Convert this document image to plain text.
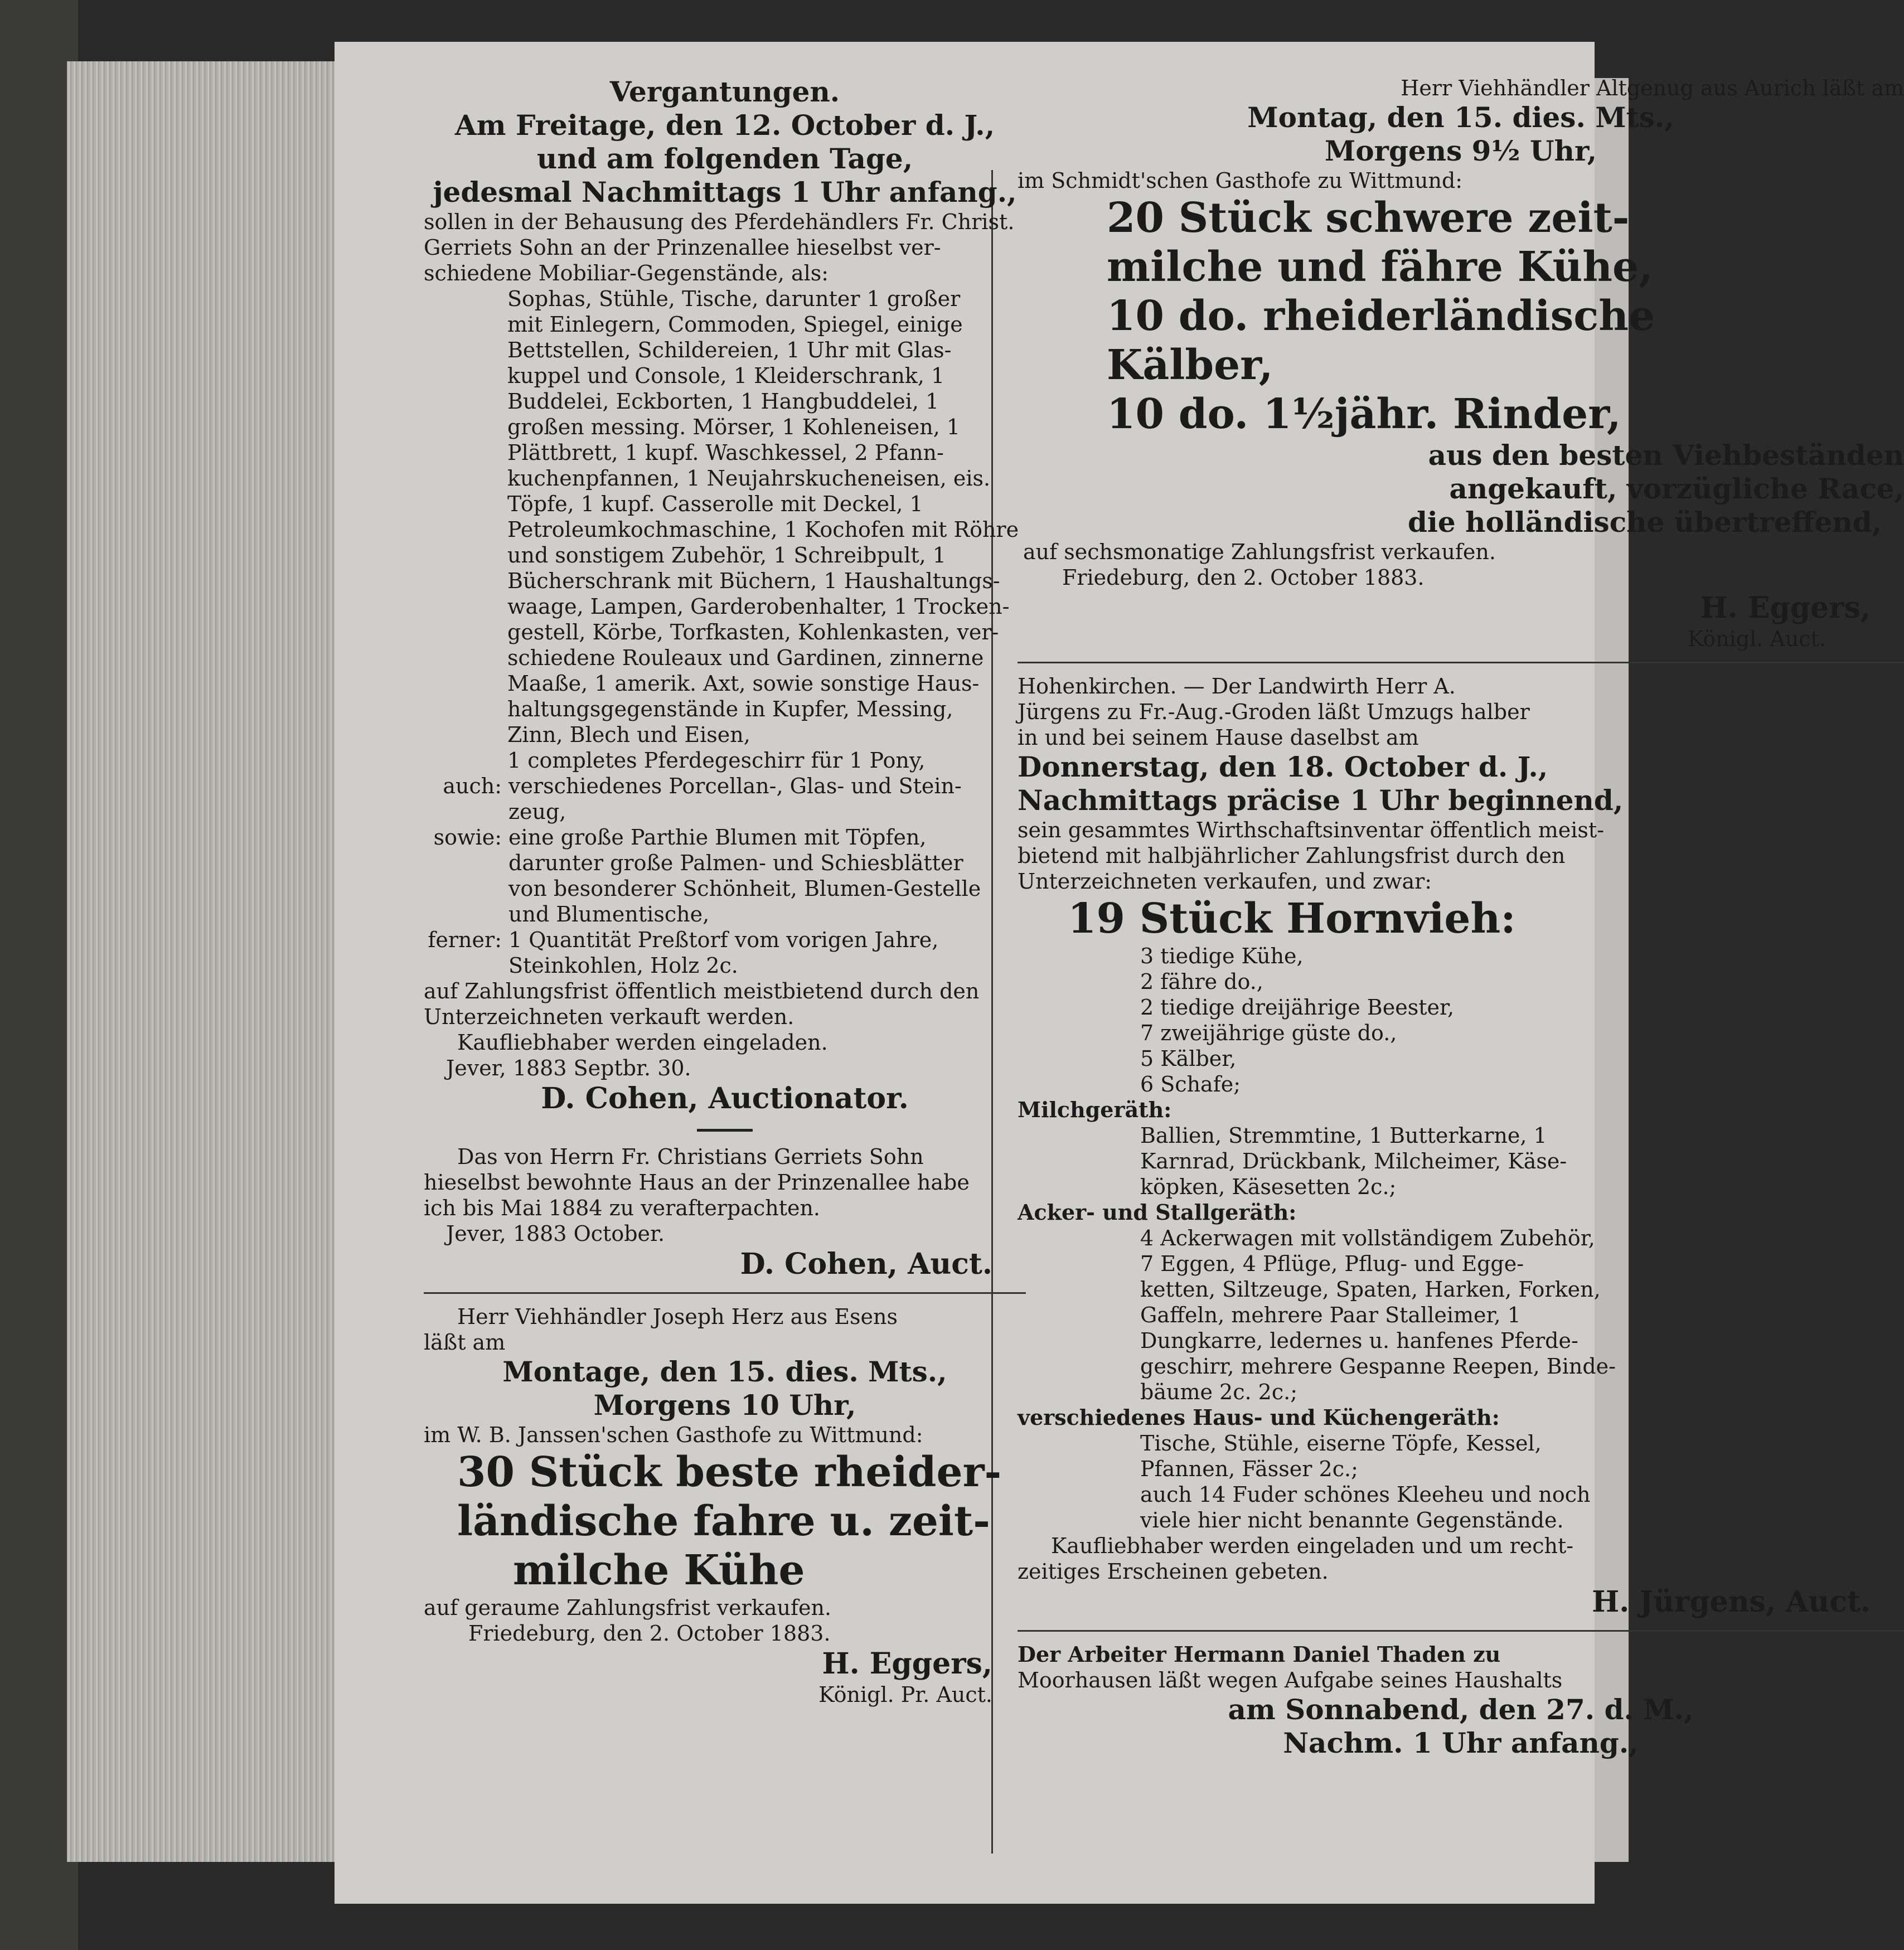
Vergantungen.

Am Freitage, den 12. October d. J.,

und am folgenden Tage,

jedesmal Nachmittags 1 Uhr anfang.,

sollen in der Behausung des Pferdehändlers Fr. Christ.

Gerriets Sohn an der Prinzenallee hieselbst ver-

schiedene Mobiliar-Gegenstände, als:

Sophas, Stühle, Tische, darunter 1 großer

mit Einlegern, Commoden, Spiegel, einige

Bettstellen, Schildereien, 1 Uhr mit Glas-

kuppel und Console, 1 Kleiderschrank, 1

Buddelei, Eckborten, 1 Hangbuddelei, 1

großen messing. Mörser, 1 Kohleneisen, 1

Plättbrett, 1 kupf. Waschkessel, 2 Pfann-

kuchenpfannen, 1 Neujahrskucheneisen, eis.

Töpfe, 1 kupf. Casserolle mit Deckel, 1

Petroleumkochmaschine, 1 Kochofen mit Röhre

und sonstigem Zubehör, 1 Schreibpult, 1

Bücherschrank mit Büchern, 1 Haushaltungs-

waage, Lampen, Garderobenhalter, 1 Trocken-

gestell, Körbe, Torfkasten, Kohlenkasten, ver-

schiedene Rouleaux und Gardinen, zinnerne

Maaße, 1 amerik. Axt, sowie sonstige Haus-

haltungsgegenstände in Kupfer, Messing,

Zinn, Blech und Eisen,

1 completes Pferdegeschirr für 1 Pony,

auch: verschiedenes Porcellan-, Glas- und Stein-

zeug,

sowie: eine große Parthie Blumen mit Töpfen,

darunter große Palmen- und Schiesblätter

von besonderer Schönheit, Blumen-Gestelle

und Blumentische,

ferner: 1 Quantität Preßtorf vom vorigen Jahre,

Steinkohlen, Holz 2c.

auf Zahlungsfrist öffentlich meistbietend durch den

Unterzeichneten verkauft werden.

Kaufliebhaber werden eingeladen.

Jever, 1883 Septbr. 30.

D. Cohen, Auctionator.

Das von Herrn Fr. Christians Gerriets Sohn

hieselbst bewohnte Haus an der Prinzenallee habe

ich bis Mai 1884 zu verafterpachten.

Jever, 1883 October.

D. Cohen, Auct.

Herr Viehhändler Joseph Herz aus Esens

läßt am

Montage, den 15. dies. Mts.,

Morgens 10 Uhr,

im W. B. Janssen'schen Gasthofe zu Wittmund:

30 Stück beste rheider-

ländische fahre u. zeit-

milche Kühe

auf geraume Zahlungsfrist verkaufen.

Friedeburg, den 2. October 1883.

H. Eggers,

Königl. Pr. Auct.

Herr Viehhändler Altgenug aus Aurich läßt am

Montag, den 15. dies. Mts.,

Morgens 9½ Uhr,

im Schmidt'schen Gasthofe zu Wittmund:

20 Stück schwere zeit-

milche und fähre Kühe,

10 do. rheiderländische

Kälber,

10 do. 1½jähr. Rinder,

aus den besten Viehbeständen

angekauft, vorzügliche Race,

die holländische übertreffend,

auf sechsmonatige Zahlungsfrist verkaufen.

Friedeburg, den 2. October 1883.

H. Eggers,

Königl. Auct.

Hohenkirchen. — Der Landwirth Herr A.

Jürgens zu Fr.-Aug.-Groden läßt Umzugs halber

in und bei seinem Hause daselbst am

Donnerstag, den 18. October d. J.,

Nachmittags präcise 1 Uhr beginnend,

sein gesammtes Wirthschaftsinventar öffentlich meist-

bietend mit halbjährlicher Zahlungsfrist durch den

Unterzeichneten verkaufen, und zwar:

19 Stück Hornvieh:

3 tiedige Kühe,
2 fähre do.,
2 tiedige dreijährige Beester,
7 zweijährige güste do.,
5 Kälber,
6 Schafe;

Milchgeräth:

Ballien, Stremmtine, 1 Butterkarne, 1
Karnrad, Drückbank, Milcheimer, Käse-
köpken, Käsesetten 2c.;

Acker- und Stallgeräth:

4 Ackerwagen mit vollständigem Zubehör,
7 Eggen, 4 Pflüge, Pflug- und Egge-
ketten, Siltzeuge, Spaten, Harken, Forken,
Gaffeln, mehrere Paar Stalleimer, 1
Dungkarre, ledernes u. hanfenes Pferde-
geschirr, mehrere Gespanne Reepen, Binde-
bäume 2c. 2c.;

verschiedenes Haus- und Küchengeräth:

Tische, Stühle, eiserne Töpfe, Kessel,
Pfannen, Fässer 2c.;
auch 14 Fuder schönes Kleeheu und noch
viele hier nicht benannte Gegenstände.

Kaufliebhaber werden eingeladen und um recht-

zeitiges Erscheinen gebeten.

H. Jürgens, Auct.

Der Arbeiter Hermann Daniel Thaden zu

Moorhausen läßt wegen Aufgabe seines Haushalts

am Sonnabend, den 27. d. M.,

Nachm. 1 Uhr anfang.,
